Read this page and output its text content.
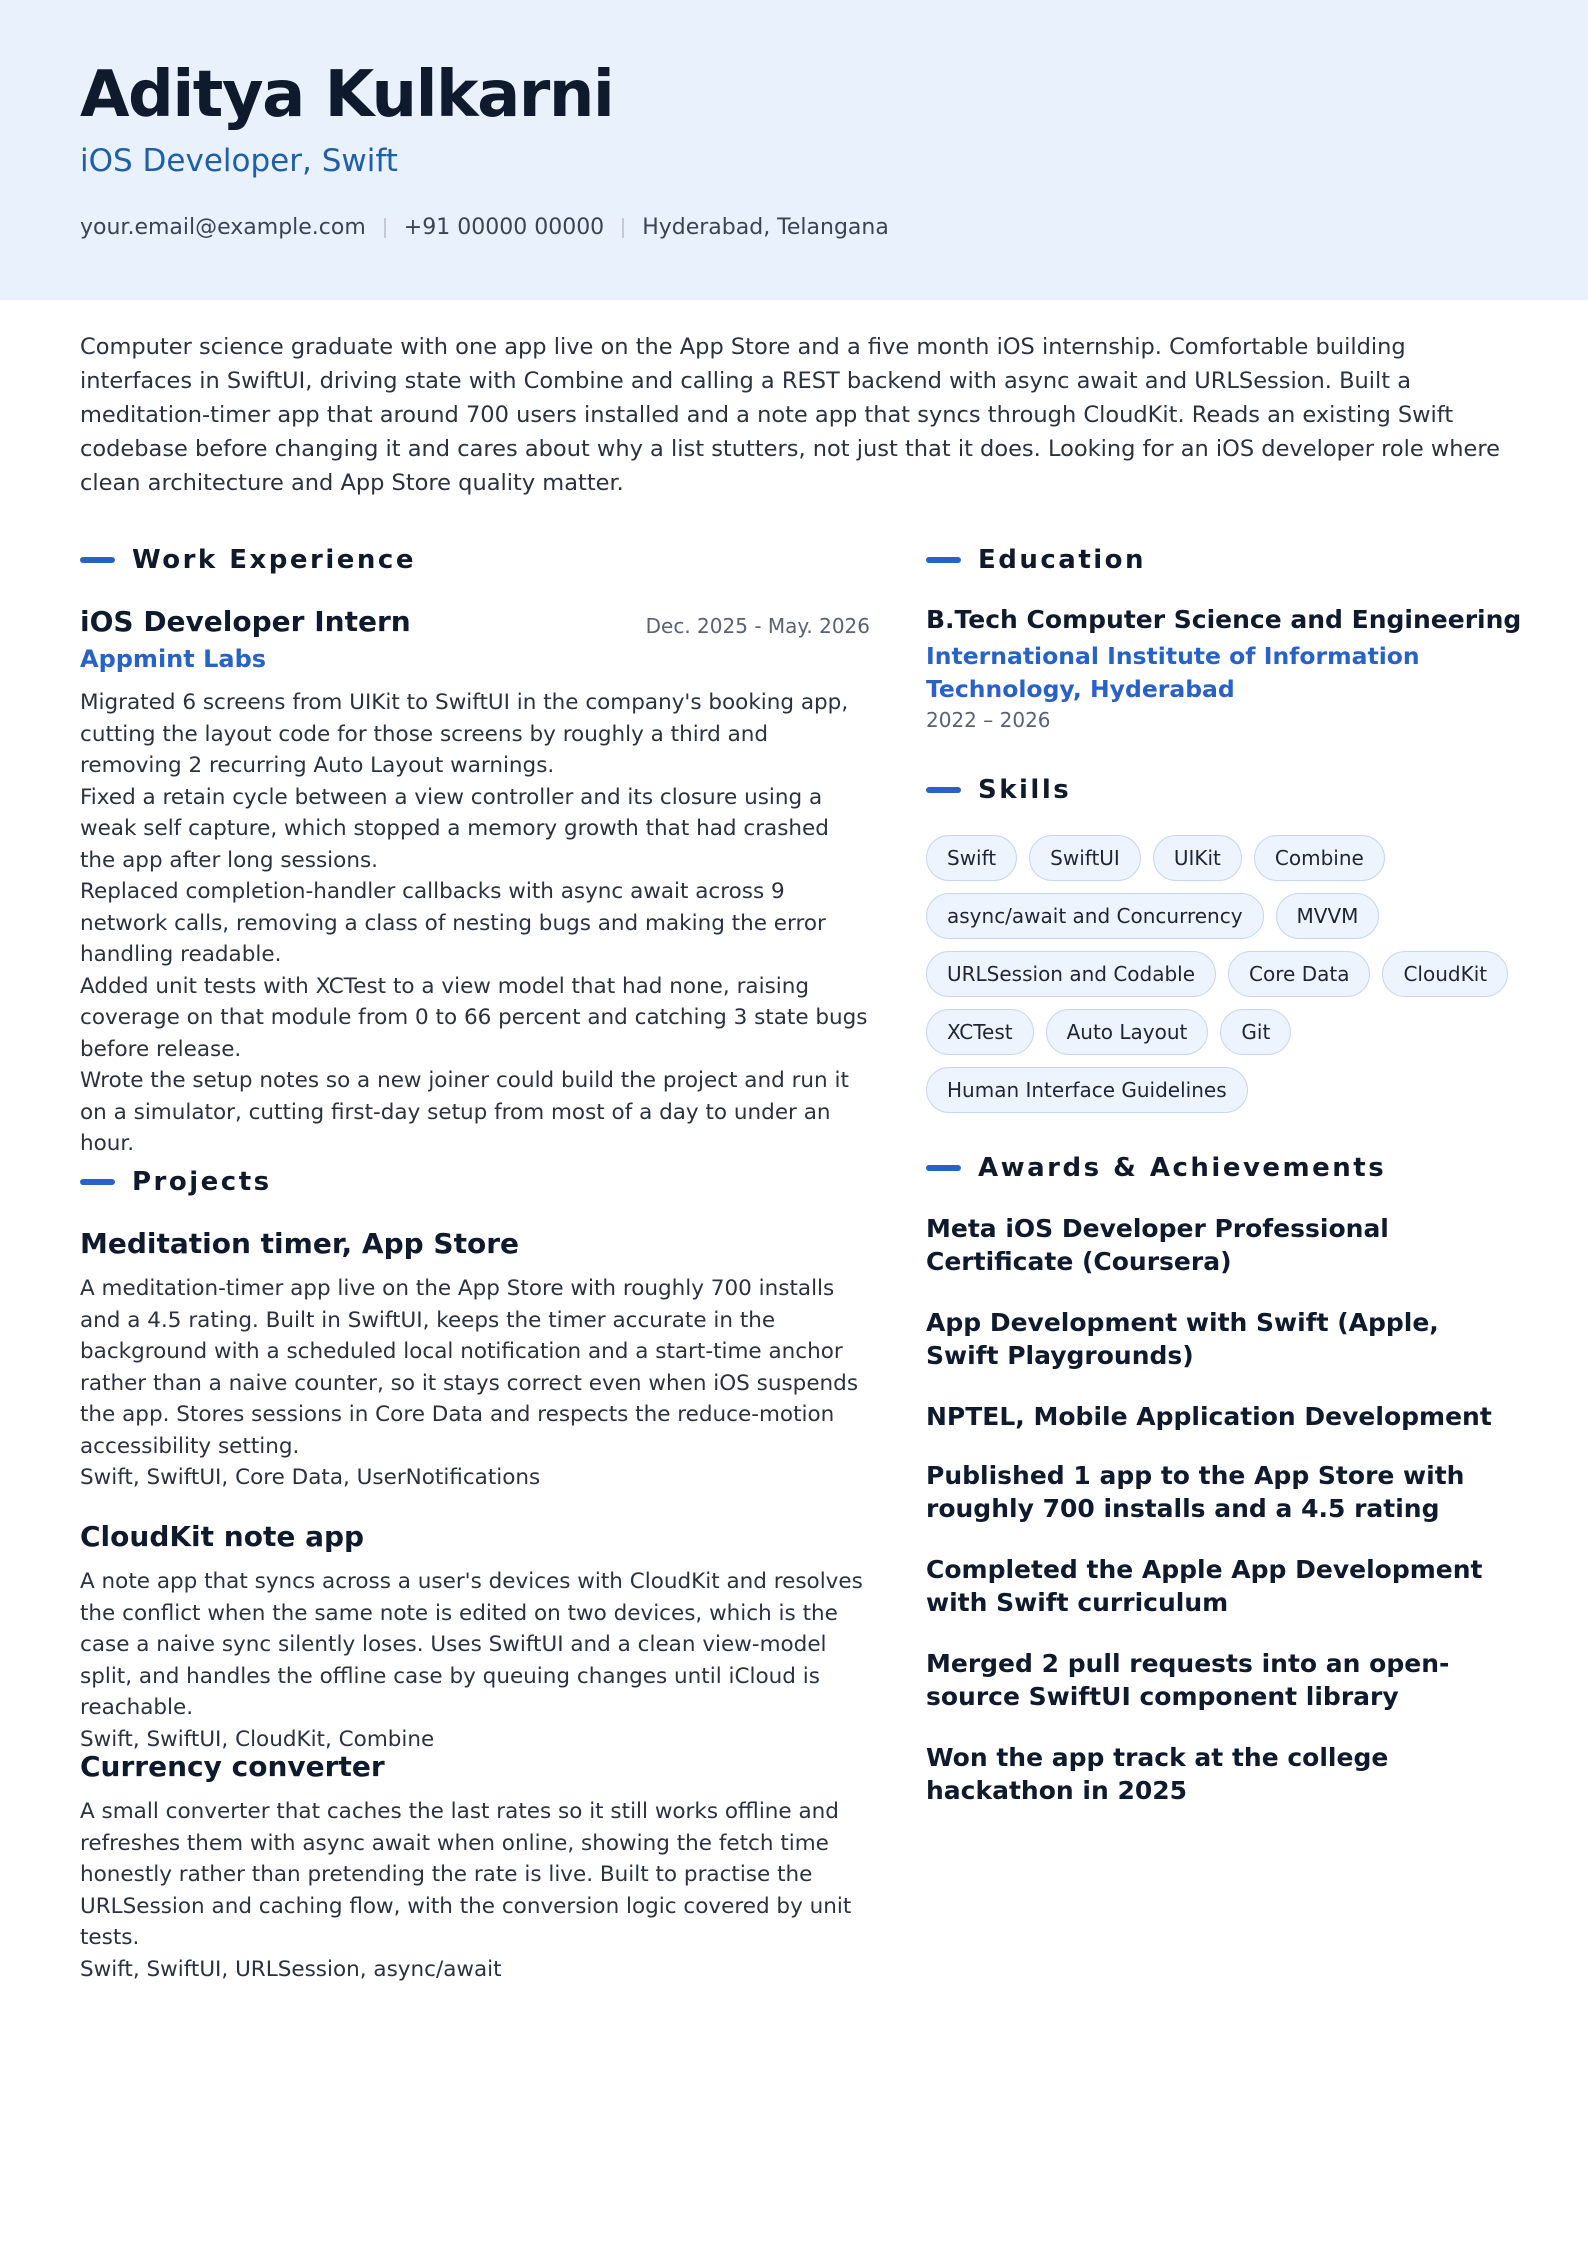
Aditya Kulkarni
iOS Developer, Swift
your.email@example.com +91 00000 00000 Hyderabad, Telangana
Computer science graduate with one app live on the App Store and a five month iOS internship. Comfortable building interfaces in SwiftUI, driving state with Combine and calling a REST backend with async await and URLSession. Built a meditation-timer app that around 700 users installed and a note app that syncs through CloudKit. Reads an existing Swift codebase before changing it and cares about why a list stutters, not just that it does. Looking for an iOS developer role where clean architecture and App Store quality matter.
Work Experience
iOS Developer Intern	Dec. 2025 - May. 2026
Appmint Labs

Migrated 6 screens from UIKit to SwiftUI in the company's booking app, cutting the layout code for those screens by roughly a third and removing 2 recurring Auto Layout warnings.

Fixed a retain cycle between a view controller and its closure using a weak self capture, which stopped a memory growth that had crashed the app after long sessions.

Replaced completion-handler callbacks with async await across 9 network calls, removing a class of nesting bugs and making the error handling readable.

Added unit tests with XCTest to a view model that had none, raising coverage on that module from 0 to 66 percent and catching 3 state bugs before release.

Wrote the setup notes so a new joiner could build the project and run it on a simulator, cutting first-day setup from most of a day to under an hour.

Projects
Meditation timer, App Store

A meditation-timer app live on the App Store with roughly 700 installs and a 4.5 rating. Built in SwiftUI, keeps the timer accurate in the background with a scheduled local notification and a start-time anchor rather than a naive counter, so it stays correct even when iOS suspends the app. Stores sessions in Core Data and respects the reduce-motion accessibility setting.

Swift, SwiftUI, Core Data, UserNotifications

CloudKit note app

A note app that syncs across a user's devices with CloudKit and resolves the conflict when the same note is edited on two devices, which is the case a naive sync silently loses. Uses SwiftUI and a clean view-model split, and handles the offline case by queuing changes until iCloud is reachable.

Swift, SwiftUI, CloudKit, Combine

Currency converter

A small converter that caches the last rates so it still works offline and refreshes them with async await when online, showing the fetch time honestly rather than pretending the rate is live. Built to practise the URLSession and caching flow, with the conversion logic covered by unit tests.

Swift, SwiftUI, URLSession, async/await

Education
B.Tech Computer Science and Engineering
International Institute of Information Technology, Hyderabad
2022 – 2026
Skills
Swift	SwiftUI	UIKit	Combine
async/await and Concurrency	MVVM
URLSession and Codable	Core Data	CloudKit
XCTest	Auto Layout	Git
Human Interface Guidelines
Awards & Achievements
Meta iOS Developer Professional Certificate (Coursera)
App Development with Swift (Apple, Swift Playgrounds)
NPTEL, Mobile Application Development
Published 1 app to the App Store with roughly 700 installs and a 4.5 rating
Completed the Apple App Development with Swift curriculum
Merged 2 pull requests into an open-source SwiftUI component library
Won the app track at the college hackathon in 2025
